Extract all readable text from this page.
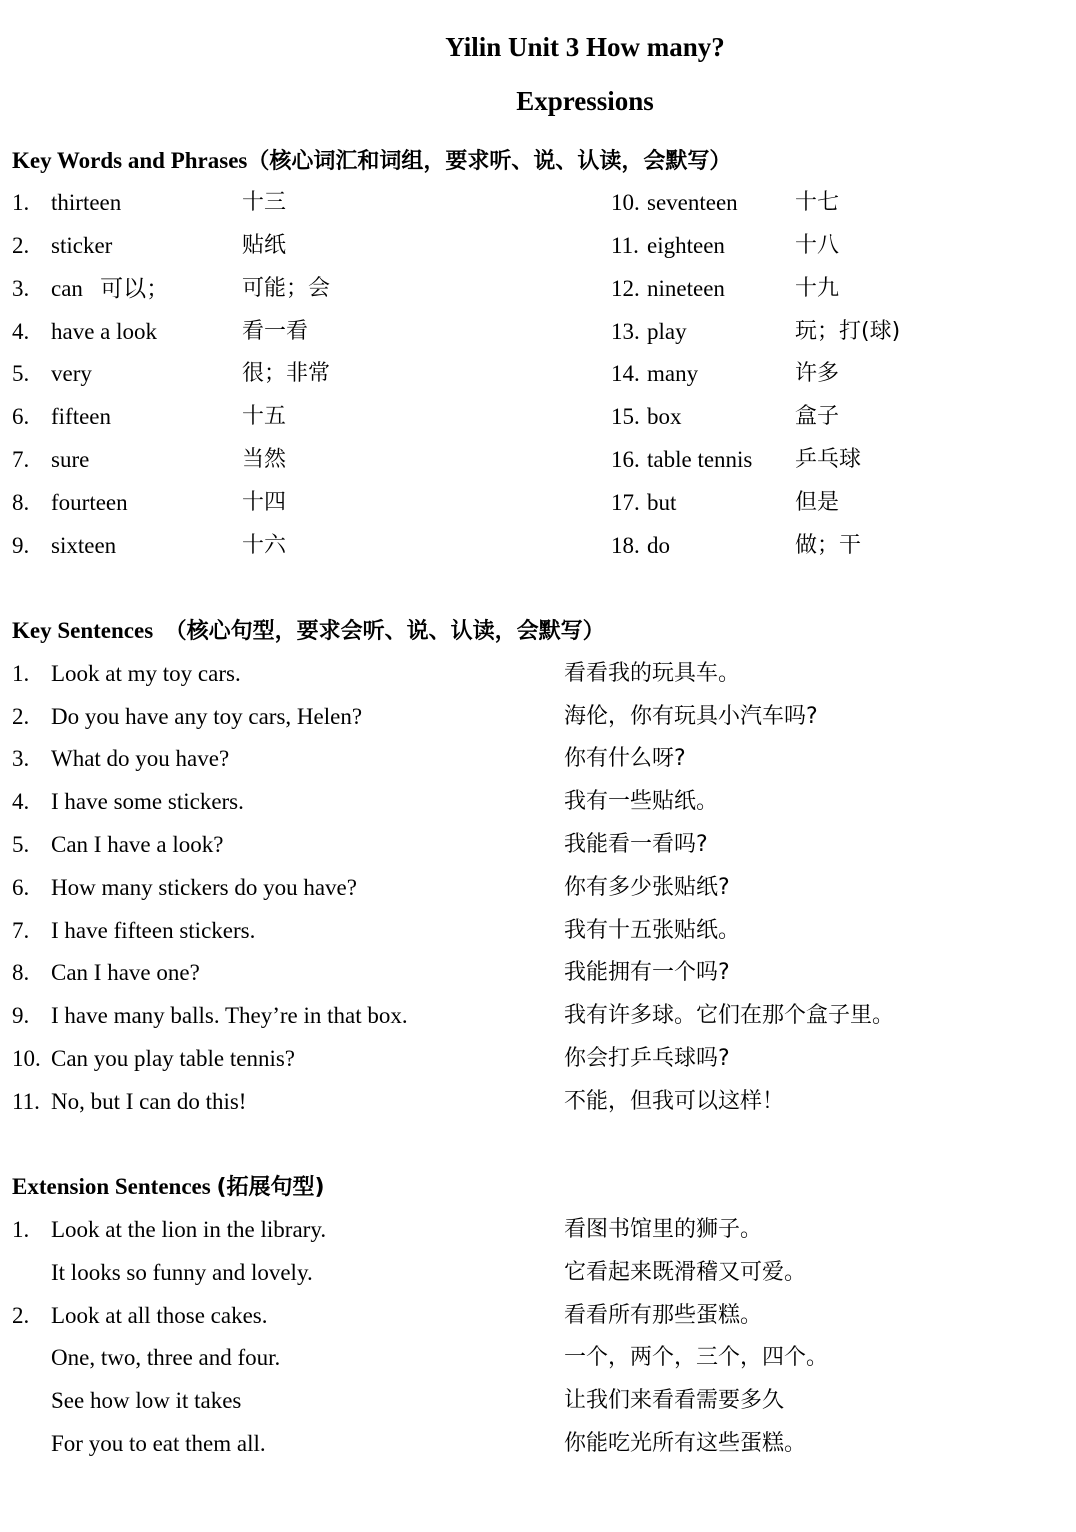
Yilin Unit 3 How many?
Expressions
Key Words and Phrases（核心词汇和词组，要求听、说、认读，会默写）
1. thirteen	十三
2. sticker	贴纸
3. can   可以；	可能；会
4. have a look	看一看
5. very	很；非常
6. fifteen	十五
7. sure	当然
8. fourteen	十四
9. sixteen	十六
10. seventeen	十七
11. eighteen	十八
12. nineteen	十九
13. play	玩；打(球)
14. many	许多
15. box	盒子
16. table tennis 乒乓球
17. but	但是
18. do	做；干
Key Sentences （核心句型，要求会听、说、认读，会默写）
1. Look at my toy cars.	看看我的玩具车。
2. Do you have any toy cars, Helen?	海伦，你有玩具小汽车吗?
3. What do you have?	你有什么呀?
4. I have some stickers.	我有一些贴纸。
5. Can I have a look?	我能看一看吗?
6. How many stickers do you have?	你有多少张贴纸?
7. I have fifteen stickers.	我有十五张贴纸。
8. Can I have one?	我能拥有一个吗?
9. I have many balls. They’re in that box.	我有许多球。它们在那个盒子里。
10. Can you play table tennis?	你会打乒乓球吗?
11. No, but I can do this!	不能，但我可以这样！
Extension Sentences (拓展句型)
1. Look at the lion in the library.	看图书馆里的狮子。
It looks so funny and lovely.	它看起来既滑稽又可爱。
2. Look at all those cakes.	看看所有那些蛋糕。
One, two, three and four.	一个，两个，三个，四个。
See how low it takes	让我们来看看需要多久
For you to eat them all.	你能吃光所有这些蛋糕。
